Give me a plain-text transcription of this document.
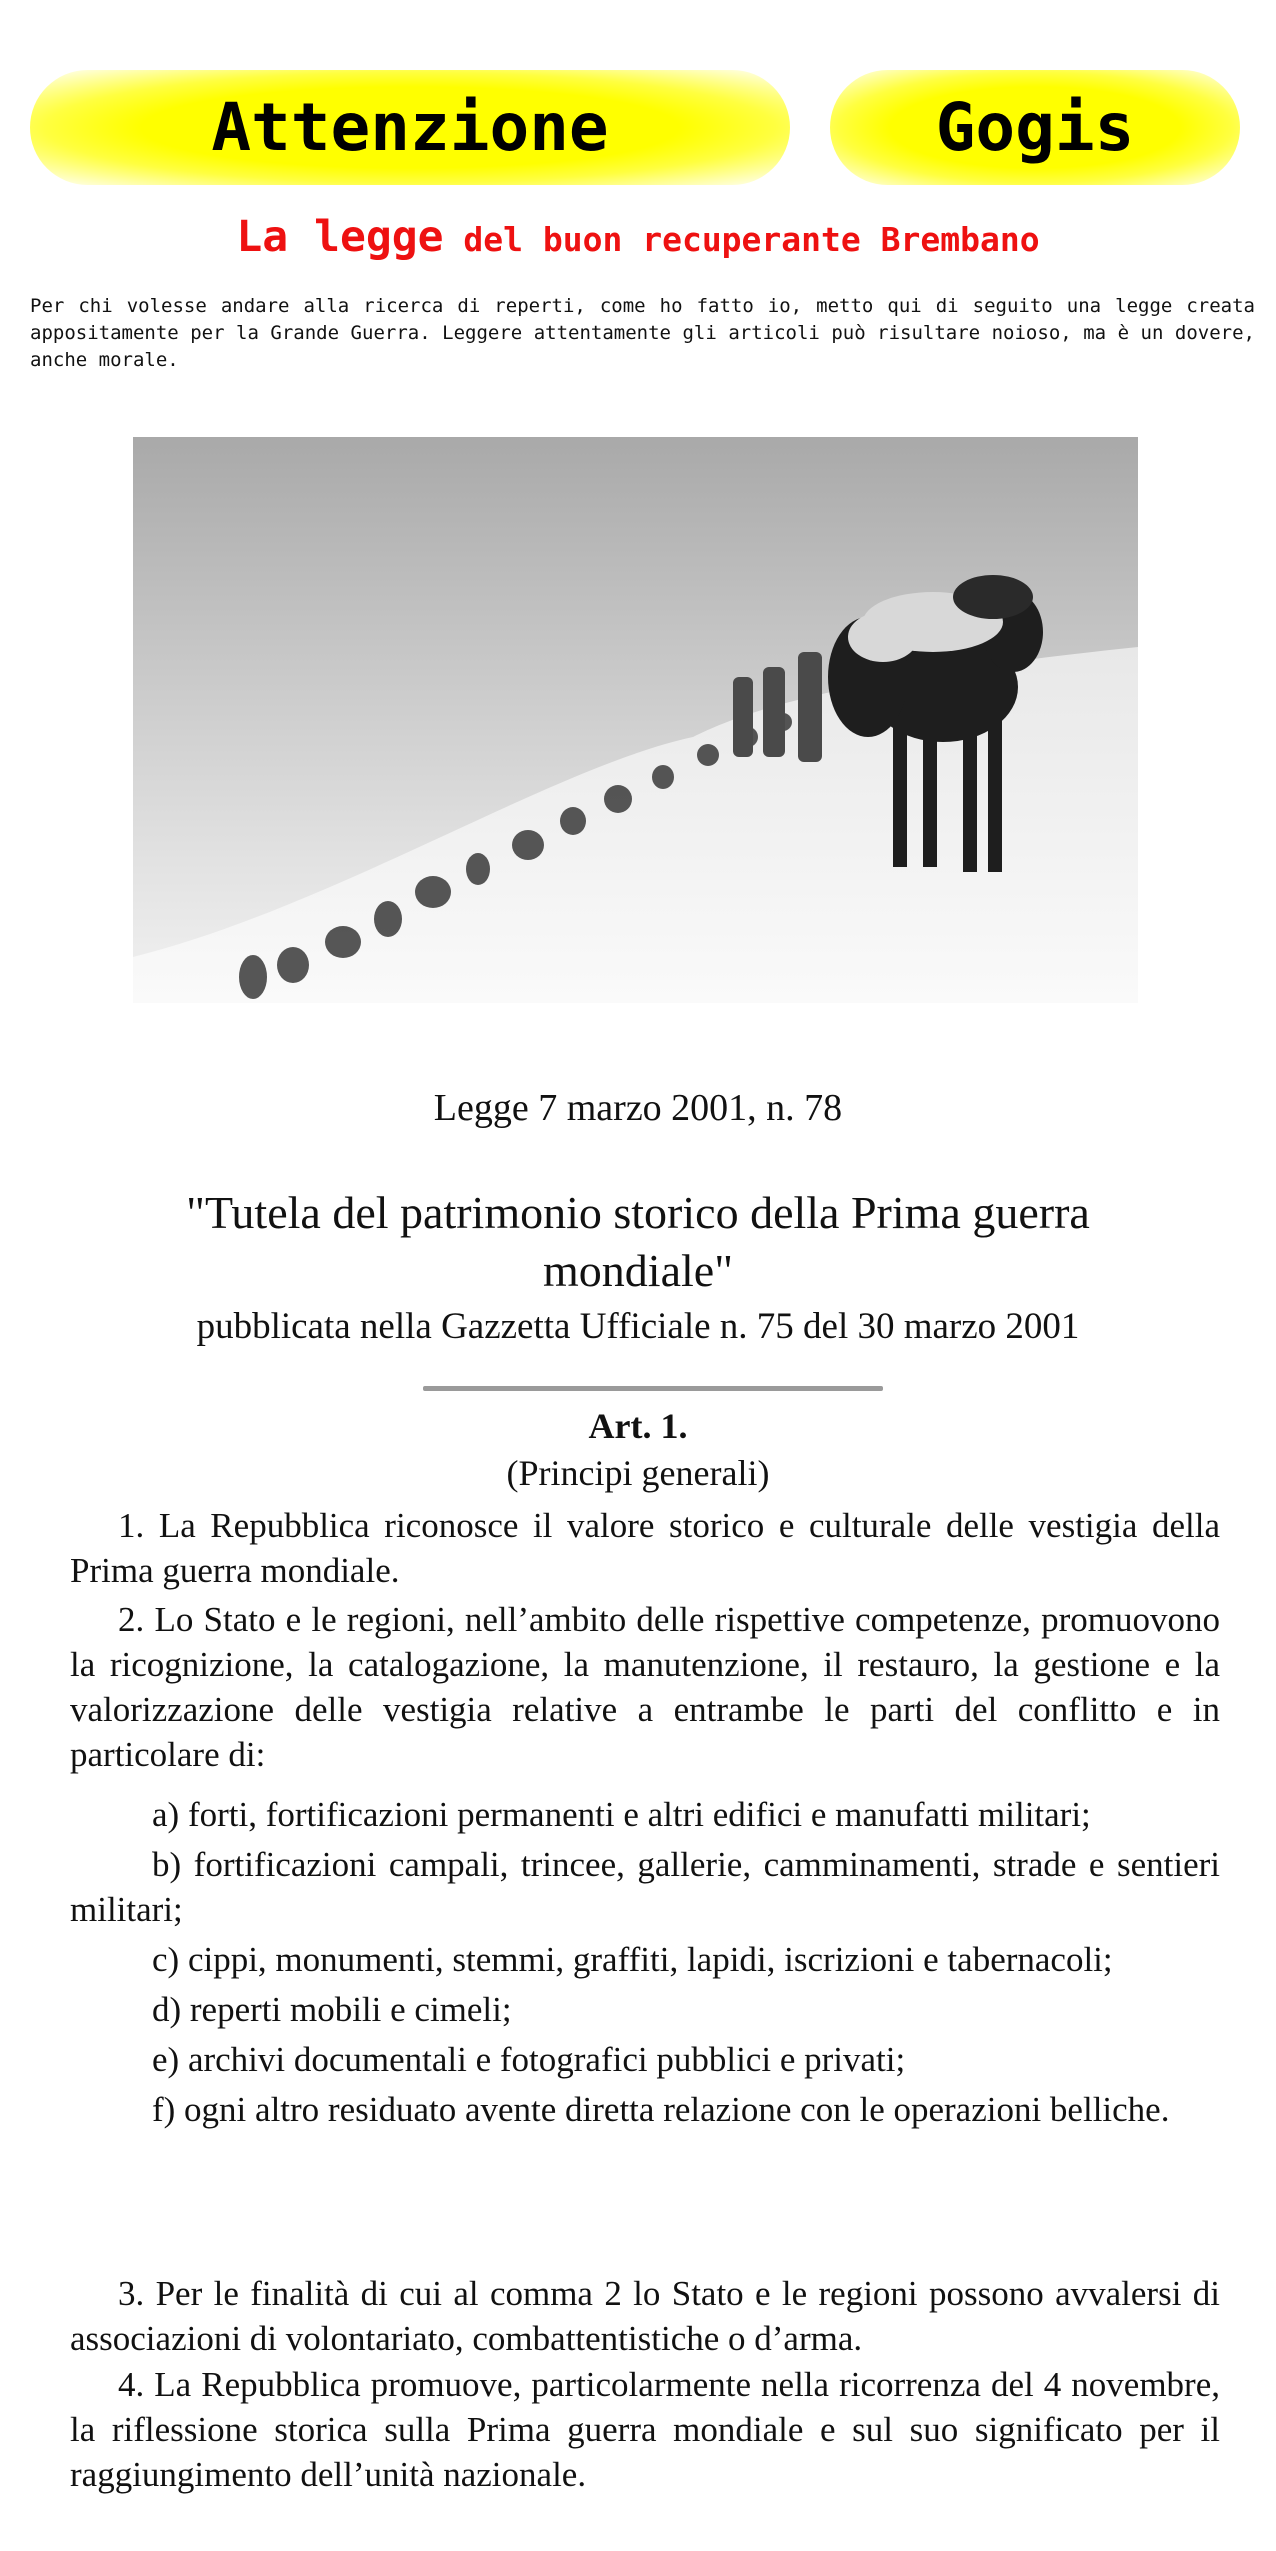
Attenzione	Gogis
La legge del buon recuperante Brembano
Per chi volesse andare alla ricerca di reperti, come ho fatto io, metto qui di seguito una legge creata appositamente per la Grande Guerra. Leggere attentamente gli articoli può risultare noioso, ma è un dovere, anche morale.
Legge 7 marzo 2001, n. 78
"Tutela del patrimonio storico della Prima guerra mondiale"
pubblicata nella Gazzetta Ufficiale n. 75 del 30 marzo 2001
Art. 1.
(Principi generali)

1. La Repubblica riconosce il valore storico e culturale delle vestigia della Prima guerra mondiale.

2. Lo Stato e le regioni, nell’ambito delle rispettive competenze, promuovono la ricognizione, la catalogazione, la manutenzione, il restauro, la gestione e la valorizzazione delle vestigia relative a entrambe le parti del conflitto e in particolare di:

a) forti, fortificazioni permanenti e altri edifici e manufatti militari;

b) fortificazioni campali, trincee, gallerie, camminamenti, strade e sentieri militari;

c) cippi, monumenti, stemmi, graffiti, lapidi, iscrizioni e tabernacoli;

d) reperti mobili e cimeli;

e) archivi documentali e fotografici pubblici e privati;

f) ogni altro residuato avente diretta relazione con le operazioni belliche.

3. Per le finalità di cui al comma 2 lo Stato e le regioni possono avvalersi di associazioni di volontariato, combattentistiche o d’arma.

4. La Repubblica promuove, particolarmente nella ricorrenza del 4 novembre, la riflessione storica sulla Prima guerra mondiale e sul suo significato per il raggiungimento dell’unità nazionale.
